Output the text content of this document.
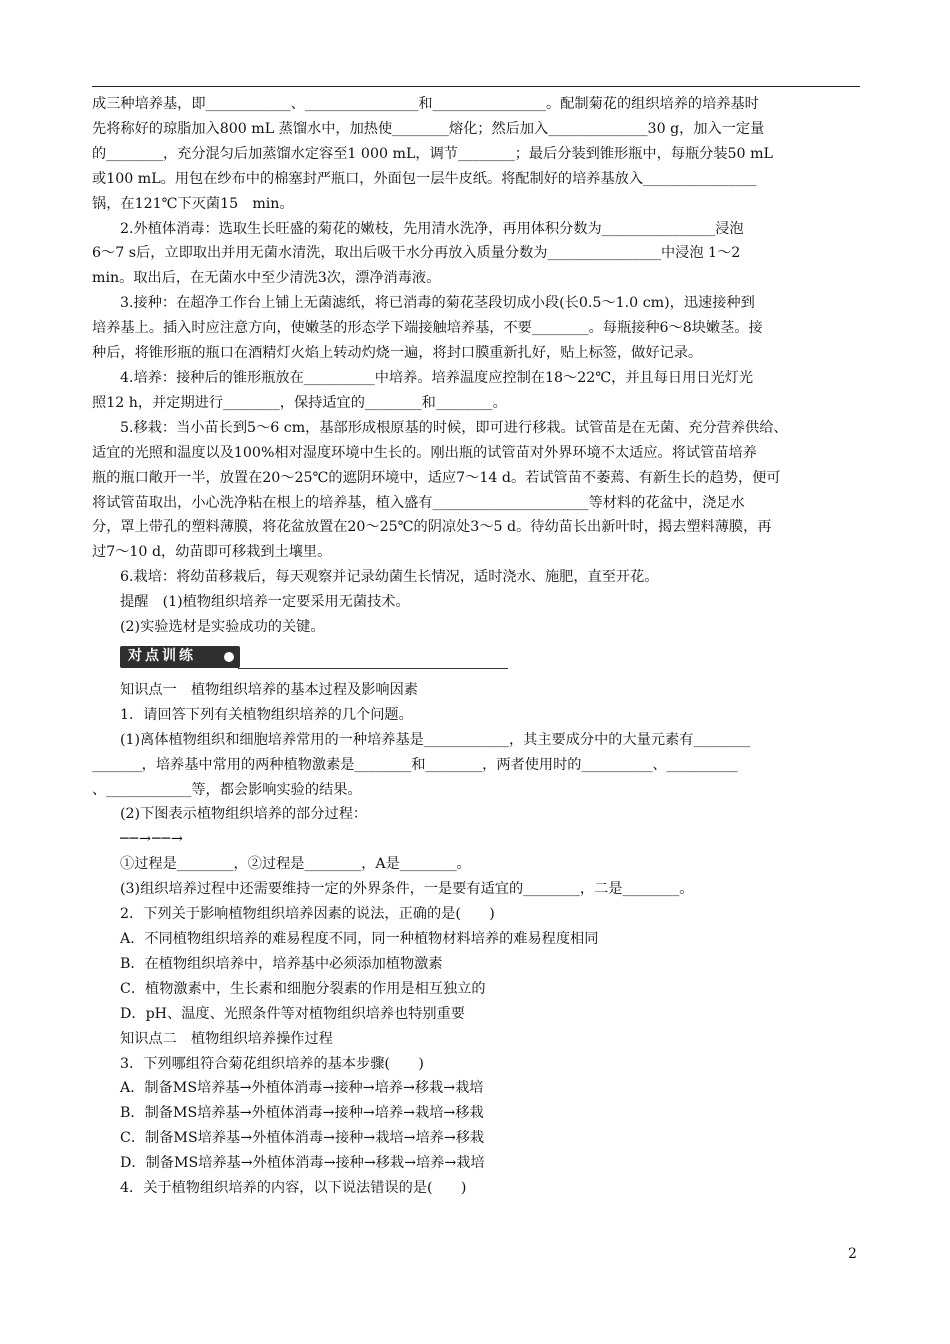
成三种培养基，即____________、________________和________________。配制菊花的组织培养的培养基时

先将称好的琼脂加入800 mL 蒸馏水中，加热使________熔化；然后加入______________30 g，加入一定量

的________，充分混匀后加蒸馏水定容至1 000 mL，调节________；最后分装到锥形瓶中，每瓶分装50 mL

或100 mL。用包在纱布中的棉塞封严瓶口，外面包一层牛皮纸。将配制好的培养基放入________________

锅，在121℃下灭菌15　min。

2.外植体消毒：选取生长旺盛的菊花的嫩枝，先用清水洗净，再用体积分数为________________浸泡

6～7 s后，立即取出并用无菌水清洗，取出后吸干水分再放入质量分数为________________中浸泡 1～2

min。取出后，在无菌水中至少清洗3次，漂净消毒液。

3.接种：在超净工作台上铺上无菌滤纸，将已消毒的菊花茎段切成小段(长0.5～1.0 cm)，迅速接种到

培养基上。插入时应注意方向，使嫩茎的形态学下端接触培养基，不要________。每瓶接种6～8块嫩茎。接

种后，将锥形瓶的瓶口在酒精灯火焰上转动灼烧一遍，将封口膜重新扎好，贴上标签，做好记录。

4.培养：接种后的锥形瓶放在__________中培养。培养温度应控制在18～22℃，并且每日用日光灯光

照12 h，并定期进行________，保持适宜的________和________。

5.移栽：当小苗长到5～6 cm，基部形成根原基的时候，即可进行移栽。试管苗是在无菌、充分营养供给、

适宜的光照和温度以及100%相对湿度环境中生长的。刚出瓶的试管苗对外界环境不太适应。将试管苗培养

瓶的瓶口敞开一半，放置在20～25℃的遮阴环境中，适应7～14 d。若试管苗不萎蔫、有新生长的趋势，便可

将试管苗取出，小心洗净粘在根上的培养基，植入盛有______________________等材料的花盆中，浇足水

分，罩上带孔的塑料薄膜，将花盆放置在20～25℃的阴凉处3～5 d。待幼苗长出新叶时，揭去塑料薄膜，再

过7～10 d，幼苗即可移栽到土壤里。

6.栽培：将幼苗移栽后，每天观察并记录幼菌生长情况，适时浇水、施肥，直至开花。

提醒　(1)植物组织培养一定要采用无菌技术。

(2)实验选材是实验成功的关键。

对点训练

知识点一　植物组织培养的基本过程及影响因素

1．请回答下列有关植物组织培养的几个问题。

(1)离体植物组织和细胞培养常用的一种培养基是____________，其主要成分中的大量元素有________

_______，培养基中常用的两种植物激素是________和________，两者使用时的__________、__________

、____________等，都会影响实验的结果。

(2)下图表示植物组织培养的部分过程：

──→──→

①过程是________，②过程是________，A是________。

(3)组织培养过程中还需要维持一定的外界条件，一是要有适宜的________，二是________。

2．下列关于影响植物组织培养因素的说法，正确的是(　　)

A．不同植物组织培养的难易程度不同，同一种植物材料培养的难易程度相同

B．在植物组织培养中，培养基中必须添加植物激素

C．植物激素中，生长素和细胞分裂素的作用是相互独立的

D．pH、温度、光照条件等对植物组织培养也特别重要

知识点二　植物组织培养操作过程

3．下列哪组符合菊花组织培养的基本步骤(　　)

A．制备MS培养基→外植体消毒→接种→培养→移栽→栽培

B．制备MS培养基→外植体消毒→接种→培养→栽培→移栽

C．制备MS培养基→外植体消毒→接种→栽培→培养→移栽

D．制备MS培养基→外植体消毒→接种→移栽→培养→栽培

4．关于植物组织培养的内容，以下说法错误的是(　　)

2
